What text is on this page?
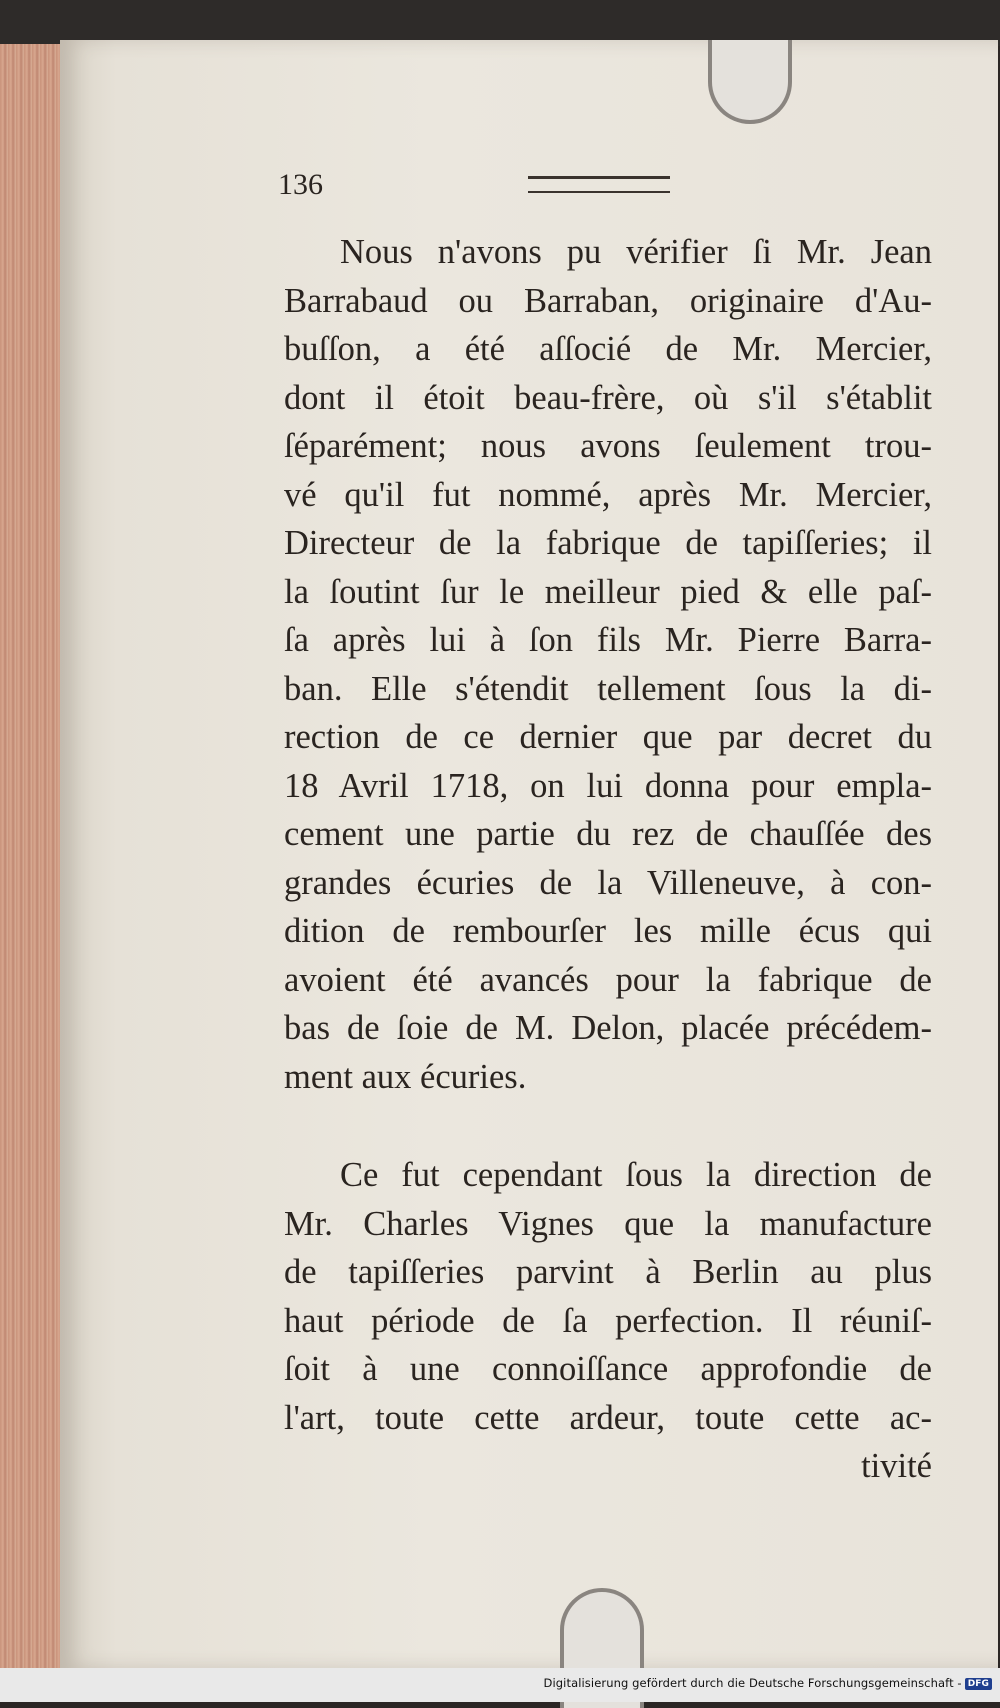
136
Nous n'avons pu vérifier ſi Mr. Jean
Barrabaud ou Barraban, originaire d'Au-
buſſon, a été aſſocié de Mr. Mercier,
dont il étoit beau-frère, où s'il s'établit
ſéparément; nous avons ſeulement trou-
vé qu'il fut nommé, après Mr. Mercier,
Directeur de la fabrique de tapiſſeries; il
la ſoutint ſur le meilleur pied & elle paſ-
ſa après lui à ſon fils Mr. Pierre Barra-
ban. Elle s'étendit tellement ſous la di-
rection de ce dernier que par decret du
18 Avril 1718, on lui donna pour empla-
cement une partie du rez de chauſſée des
grandes écuries de la Villeneuve, à con-
dition de rembourſer les mille écus qui
avoient été avancés pour la fabrique de
bas de ſoie de M. Delon, placée précédem-
ment aux écuries.
Ce fut cependant ſous la direction de
Mr. Charles Vignes que la manufacture
de tapiſſeries parvint à Berlin au plus
haut période de ſa perfection. Il réuniſ-
ſoit à une connoiſſance approfondie de
l'art, toute cette ardeur, toute cette ac-
tivité
Digitalisierung gefördert durch die Deutsche Forschungsgemeinschaft - DFG
